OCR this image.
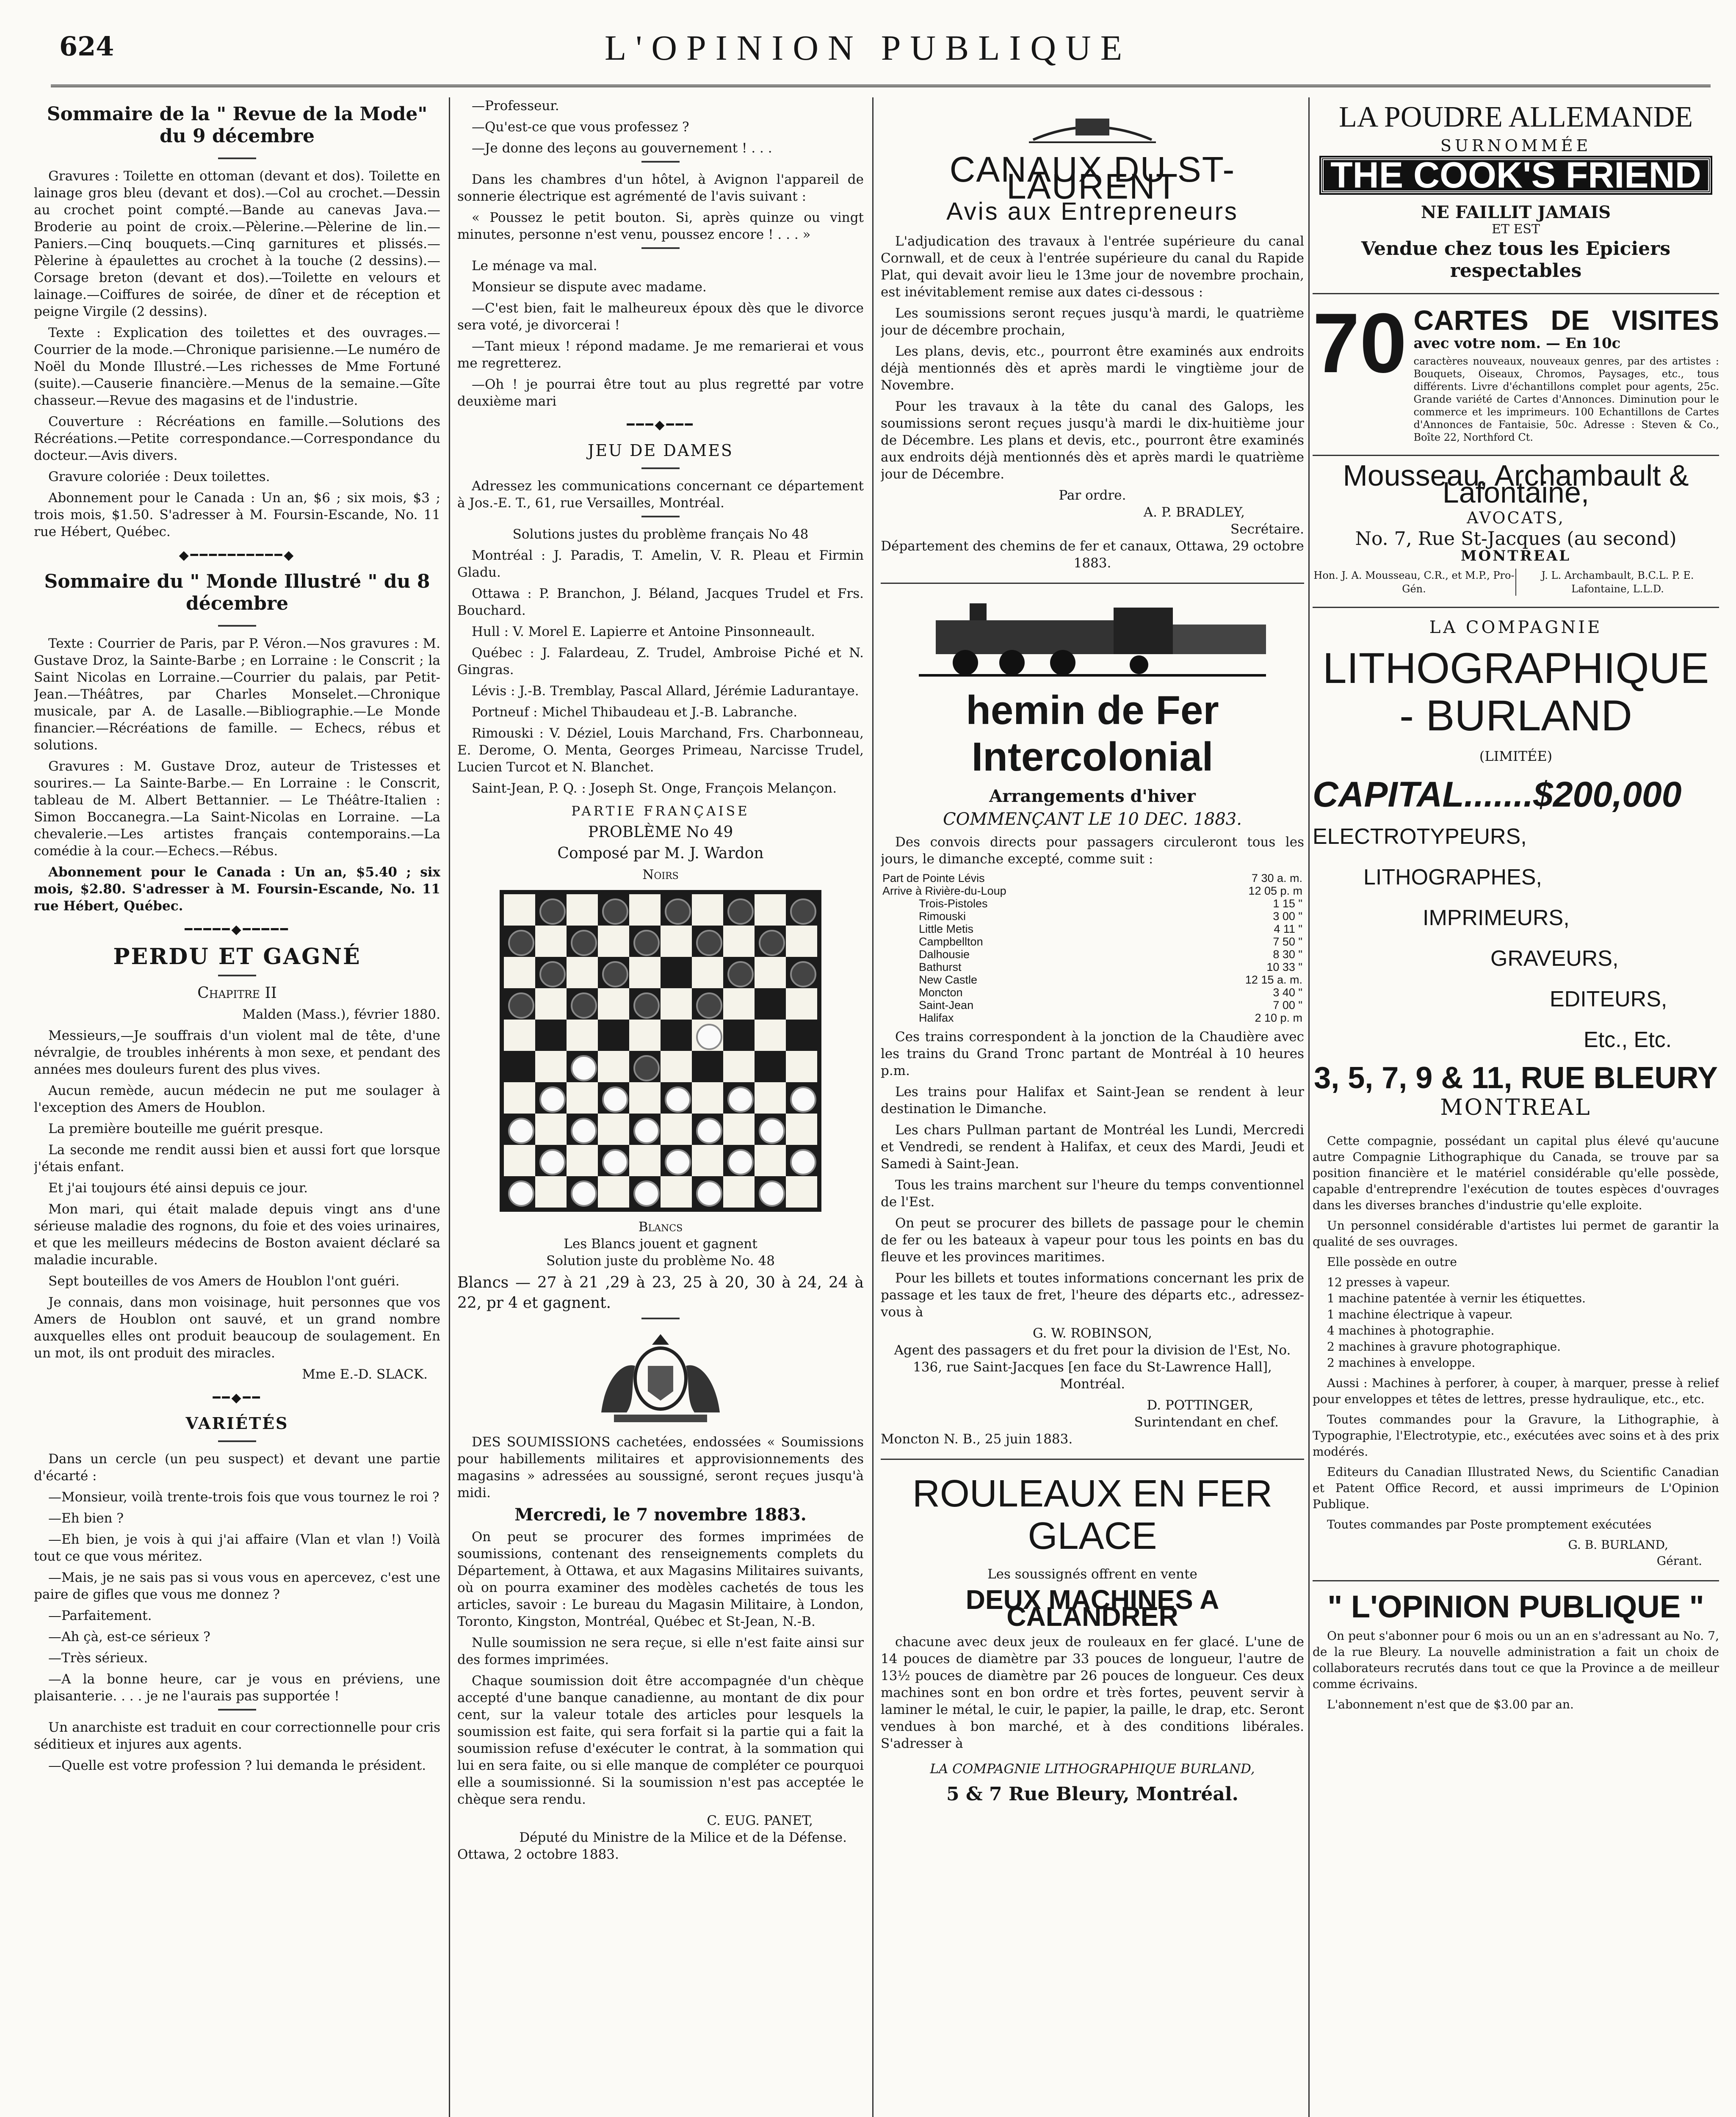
624	L'OPINION PUBLIQUE
Sommaire de la " Revue de la Mode" du 9 décembre

Gravures : Toilette en ottoman (devant et dos). Toilette en lainage gros bleu (devant et dos).—Col au crochet.—Dessin au crochet point compté.—Bande au canevas Java.—Broderie au point de croix.—Pèlerine.—Pèlerine de lin.—Paniers.—Cinq bouquets.—Cinq garnitures et plissés.—Pèlerine à épaulettes au crochet à la touche (2 dessins).—Corsage breton (devant et dos).—Toilette en velours et lainage.—Coiffures de soirée, de dîner et de réception et peigne Virgile (2 dessins).

Texte : Explication des toilettes et des ouvrages.—Courrier de la mode.—Chronique parisienne.—Le numéro de Noël du Monde Illustré.—Les richesses de Mme Fortuné (suite).—Causerie financière.—Menus de la semaine.—Gîte chasseur.—Revue des magasins et de l'industrie.

Couverture : Récréations en famille.—Solutions des Récréations.—Petite correspondance.—Correspondance du docteur.—Avis divers.

Gravure coloriée : Deux toilettes.

Abonnement pour le Canada : Un an, $6 ; six mois, $3 ; trois mois, $1.50. S'adresser à M. Foursin-Escande, No. 11 rue Hébert, Québec.

◆━━━━━━━━━━◆
Sommaire du " Monde Illustré " du 8 décembre

Texte : Courrier de Paris, par P. Véron.—Nos gravures : M. Gustave Droz, la Sainte-Barbe ; en Lorraine : le Conscrit ; la Saint Nicolas en Lorraine.—Courrier du palais, par Petit-Jean.—Théâtres, par Charles Monselet.—Chronique musicale, par A. de Lasalle.—Bibliographie.—Le Monde financier.—Récréations de famille. — Echecs, rébus et solutions.

Gravures : M. Gustave Droz, auteur de Tristesses et sourires.— La Sainte-Barbe.— En Lorraine : le Conscrit, tableau de M. Albert Bettannier. — Le Théâtre-Italien : Simon Boccanegra.—La Saint-Nicolas en Lorraine. —La chevalerie.—Les artistes français contemporains.—La comédie à la cour.—Echecs.—Rébus.

Abonnement pour le Canada : Un an, $5.40 ; six mois, $2.80. S'adresser à M. Foursin-Escande, No. 11 rue Hébert, Québec.

━━━━━◆━━━━━
PERDU ET GAGNÉ
Chapitre II
Malden (Mass.), février 1880.

Messieurs,—Je souffrais d'un violent mal de tête, d'une névralgie, de troubles inhérents à mon sexe, et pendant des années mes douleurs furent des plus vives.

Aucun remède, aucun médecin ne put me soulager à l'exception des Amers de Houblon.

La première bouteille me guérit presque.

La seconde me rendit aussi bien et aussi fort que lorsque j'étais enfant.

Et j'ai toujours été ainsi depuis ce jour.

Mon mari, qui était malade depuis vingt ans d'une sérieuse maladie des rognons, du foie et des voies urinaires, et que les meilleurs médecins de Boston avaient déclaré sa maladie incurable.

Sept bouteilles de vos Amers de Houblon l'ont guéri.

Je connais, dans mon voisinage, huit personnes que vos Amers de Houblon ont sauvé, et un grand nombre auxquelles elles ont produit beaucoup de soulagement. En un mot, ils ont produit des miracles.

Mme E.-D. SLACK.
━━◆━━
VARIÉTÉS

Dans un cercle (un peu suspect) et devant une partie d'écarté :

—Monsieur, voilà trente-trois fois que vous tournez le roi ?

—Eh bien ?

—Eh bien, je vois à qui j'ai affaire (Vlan et vlan !) Voilà tout ce que vous méritez.

—Mais, je ne sais pas si vous vous en apercevez, c'est une paire de gifles que vous me donnez ?

—Parfaitement.

—Ah çà, est-ce sérieux ?

—Très sérieux.

—A la bonne heure, car je vous en préviens, une plaisanterie. . . . je ne l'aurais pas supportée !

Un anarchiste est traduit en cour correctionnelle pour cris séditieux et injures aux agents.

—Quelle est votre profession ? lui demanda le président.

—Professeur.

—Qu'est-ce que vous professez ?

—Je donne des leçons au gouvernement ! . . .

Dans les chambres d'un hôtel, à Avignon l'appareil de sonnerie électrique est agrémenté de l'avis suivant :

« Poussez le petit bouton. Si, après quinze ou vingt minutes, personne n'est venu, poussez encore ! . . . »

Le ménage va mal.

Monsieur se dispute avec madame.

—C'est bien, fait le malheureux époux dès que le divorce sera voté, je divorcerai !

—Tant mieux ! répond madame. Je me remarierai et vous me regretterez.

—Oh ! je pourrai être tout au plus regretté par votre deuxième mari

━━━◆━━━
JEU DE DAMES

Adressez les communications concernant ce département à Jos.-E. T., 61, rue Versailles, Montréal.

Solutions justes du problème français No 48

Montréal : J. Paradis, T. Amelin, V. R. Pleau et Firmin Gladu.

Ottawa : P. Branchon, J. Béland, Jacques Trudel et Frs. Bouchard.

Hull : V. Morel E. Lapierre et Antoine Pinsonneault.

Québec : J. Falardeau, Z. Trudel, Ambroise Piché et N. Gingras.

Lévis : J.-B. Tremblay, Pascal Allard, Jérémie Ladurantaye.

Portneuf : Michel Thibaudeau et J.-B. Labranche.

Rimouski : V. Déziel, Louis Marchand, Frs. Charbonneau, E. Derome, O. Menta, Georges Primeau, Narcisse Trudel, Lucien Turcot et N. Blanchet.

Saint-Jean, P. Q. : Joseph St. Onge, François Melançon.

PARTIE FRANÇAISE
PROBLÈME No 49
Composé par M. J. Wardon
Noirs
Blancs
Les Blancs jouent et gagnent
Solution juste du problème No. 48

Blancs — 27 à 21 ,29 à 23, 25 à 20, 30 à 24, 24 à 22, pr 4 et gagnent.

DES SOUMISSIONS cachetées, endossées « Soumissions pour habillements militaires et approvisionnements des magasins » adressées au soussigné, seront reçues jusqu'à midi.

Mercredi, le 7 novembre 1883.

On peut se procurer des formes imprimées de soumissions, contenant des renseignements complets du Département, à Ottawa, et aux Magasins Militaires suivants, où on pourra examiner des modèles cachetés de tous les articles, savoir : Le bureau du Magasin Militaire, à London, Toronto, Kingston, Montréal, Québec et St-Jean, N.-B.

Nulle soumission ne sera reçue, si elle n'est faite ainsi sur des formes imprimées.

Chaque soumission doit être accompagnée d'un chèque accepté d'une banque canadienne, au montant de dix pour cent, sur la valeur totale des articles pour lesquels la soumission est faite, qui sera forfait si la partie qui a fait la soumission refuse d'exécuter le contrat, à la sommation qui lui en sera faite, ou si elle manque de compléter ce pourquoi elle a soumissionné. Si la soumission n'est pas acceptée le chèque sera rendu.

C. EUG. PANET,
Député du Ministre de la Milice et de la Défense.
Ottawa, 2 octobre 1883.
CANAUX DU ST-LAURENT
Avis aux Entrepreneurs

L'adjudication des travaux à l'entrée supérieure du canal Cornwall, et de ceux à l'entrée supérieure du canal du Rapide Plat, qui devait avoir lieu le 13me jour de novembre prochain, est inévitablement remise aux dates ci-dessous :

Les soumissions seront reçues jusqu'à mardi, le quatrième jour de décembre prochain,

Les plans, devis, etc., pourront être examinés aux endroits déjà mentionnés dès et après mardi le vingtième jour de Novembre.

Pour les travaux à la tête du canal des Galops, les soumissions seront reçues jusqu'à mardi le dix-huitième jour de Décembre. Les plans et devis, etc., pourront être examinés aux endroits déjà mentionnés dès et après mardi le quatrième jour de Décembre.

Par ordre.
A. P. BRADLEY,
Secrétaire.
Département des chemins de fer et canaux, Ottawa, 29 octobre 1883.
hemin de Fer Intercolonial
Arrangements d'hiver
COMMENÇANT LE 10 DEC. 1883.

Des convois directs pour passagers circuleront tous les jours, le dimanche excepté, comme suit :

Part de Pointe Lévis	7 30 a. m.
Arrive à Rivière-du-Loup	12 05 p. m
Trois-Pistoles	1 15 "
Rimouski	3 00 "
Little Metis	4 11 "
Campbellton	7 50 "
Dalhousie	8 30 "
Bathurst	10 33 "
New Castle	12 15 a. m.
Moncton	3 40 "
Saint-Jean	7 00 "
Halifax	2 10 p. m

Ces trains correspondent à la jonction de la Chaudière avec les trains du Grand Tronc partant de Montréal à 10 heures p.m.

Les trains pour Halifax et Saint-Jean se rendent à leur destination le Dimanche.

Les chars Pullman partant de Montréal les Lundi, Mercredi et Vendredi, se rendent à Halifax, et ceux des Mardi, Jeudi et Samedi à Saint-Jean.

Tous les trains marchent sur l'heure du temps conventionnel de l'Est.

On peut se procurer des billets de passage pour le chemin de fer ou les bateaux à vapeur pour tous les points en bas du fleuve et les provinces maritimes.

Pour les billets et toutes informations concernant les prix de passage et les taux de fret, l'heure des départs etc., adressez-vous à

G. W. ROBINSON,

Agent des passagers et du fret pour la division de l'Est, No. 136, rue Saint-Jacques [en face du St-Lawrence Hall], Montréal.

D. POTTINGER,
Surintendant en chef.
Moncton N. B., 25 juin 1883.
ROULEAUX EN FER GLACE
Les soussignés offrent en vente
DEUX MACHINES A CALANDRER

chacune avec deux jeux de rouleaux en fer glacé. L'une de 14 pouces de diamètre par 33 pouces de longueur, l'autre de 13½ pouces de diamètre par 26 pouces de longueur. Ces deux machines sont en bon ordre et très fortes, peuvent servir à laminer le métal, le cuir, le papier, la paille, le drap, etc. Seront vendues à bon marché, et à des conditions libérales. S'adresser à

LA COMPAGNIE LITHOGRAPHIQUE BURLAND,
5 & 7 Rue Bleury, Montréal.
LA POUDRE ALLEMANDE
SURNOMMÉE
THE COOK'S FRIEND
NE FAILLIT JAMAIS
ET EST
Vendue chez tous les Epiciers respectables
70 CARTES DE VISITES avec votre nom. — En 10c
caractères nouveaux, nouveaux genres, par des artistes : Bouquets, Oiseaux, Chromos, Paysages, etc., tous différents. Livre d'échantillons complet pour agents, 25c. Grande variété de Cartes d'Annonces. Diminution pour le commerce et les imprimeurs. 100 Echantillons de Cartes d'Annonces de Fantaisie, 50c. Adresse : Steven & Co., Boîte 22, Northford Ct.
Mousseau, Archambault & Lafontaine,
AVOCATS,
No. 7, Rue St-Jacques (au second)
MONTREAL
Hon. J. A. Mousseau, C.R., et M.P., Pro-Gén.
J. L. Archambault, B.C.L. P. E. Lafontaine, L.L.D.
LA COMPAGNIE
LITHOGRAPHIQUE - BURLAND
(LIMITÉE)
CAPITAL.......$200,000
ELECTROTYPEURS,
LITHOGRAPHES,
IMPRIMEURS,
GRAVEURS,
EDITEURS,
Etc., Etc.
3, 5, 7, 9 & 11, RUE BLEURY
MONTREAL

Cette compagnie, possédant un capital plus élevé qu'aucune autre Compagnie Lithographique du Canada, se trouve par sa position financière et le matériel considérable qu'elle possède, capable d'entreprendre l'exécution de toutes espèces d'ouvrages dans les diverses branches d'industrie qu'elle exploite.

Un personnel considérable d'artistes lui permet de garantir la qualité de ses ouvrages.

Elle possède en outre

12 presses à vapeur.
1 machine patentée à vernir les étiquettes.
1 machine électrique à vapeur.
4 machines à photographie.
2 machines à gravure photographique.
2 machines à enveloppe.

Aussi : Machines à perforer, à couper, à marquer, presse à relief pour enveloppes et têtes de lettres, presse hydraulique, etc., etc.

Toutes commandes pour la Gravure, la Lithographie, à Typographie, l'Electrotypie, etc., exécutées avec soins et à des prix modérés.

Editeurs du Canadian Illustrated News, du Scientific Canadian et Patent Office Record, et aussi imprimeurs de L'Opinion Publique.

Toutes commandes par Poste promptement exécutées

G. B. BURLAND,
Gérant.
" L'OPINION PUBLIQUE "

On peut s'abonner pour 6 mois ou un an en s'adressant au No. 7, de la rue Bleury. La nouvelle administration a fait un choix de collaborateurs recrutés dans tout ce que la Province a de meilleur comme écrivains.

L'abonnement n'est que de $3.00 par an.
